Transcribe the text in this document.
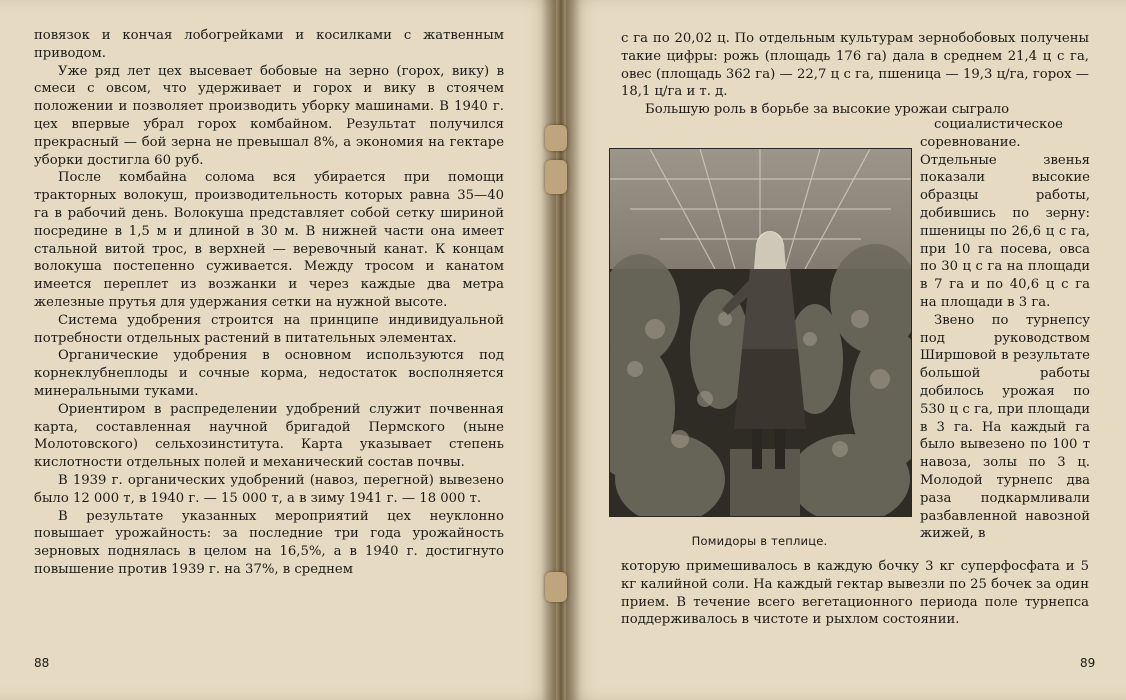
повязок и кончая лобогрейками и косилками с жатвенным приводом.

Уже ряд лет цех высевает бобовые на зерно (горох, вику) в смеси с овсом, что удерживает и горох и вику в стоячем положении и позволяет производить уборку машинами. В 1940 г. цех впервые убрал горох комбайном. Результат получился прекрасный — бой зерна не превышал 8%, а экономия на гектаре уборки достигла 60 руб.

После комбайна солома вся убирается при помощи тракторных волокуш, производительность которых равна 35—40 га в рабочий день. Волокуша представляет собой сетку шириной посредине в 1,5 м и длиной в 30 м. В нижней части она имеет стальной витой трос, в верхней — веревочный канат. К концам волокуша постепенно суживается. Между тросом и канатом имеется переплет из возжанки и через каждые два метра железные прутья для удержания сетки на нужной высоте.

Система удобрения строится на принципе индивидуальной потребности отдельных растений в питательных элементах.

Органические удобрения в основном используются под корнеклубнеплоды и сочные корма, недостаток восполняется минеральными туками.

Ориентиром в распределении удобрений служит почвенная карта, составленная научной бригадой Пермского (ныне Молотовского) сельхозинститута. Карта указывает степень кислотности отдельных полей и механический состав почвы.

В 1939 г. органических удобрений (навоз, перегной) вывезено было 12 000 т, в 1940 г. — 15 000 т, а в зиму 1941 г. — 18 000 т.

В результате указанных мероприятий цех неуклонно повышает урожайность: за последние три года урожайность зерновых поднялась в целом на 16,5%, а в 1940 г. достигнуто повышение против 1939 г. на 37%, в среднем

88

с га по 20,02 ц. По отдельным культурам зернобобовых получены такие цифры: рожь (площадь 176 га) дала в среднем 21,4 ц с га, овес (площадь 362 га) — 22,7 ц с га, пшеница — 19,3 ц/га, горох — 18,1 ц/га и т. д.

Большую роль в борьбе за высокие урожаи сыграло

Помидоры в теплице.

социалистическое соревнование. Отдельные звенья показали высокие образцы работы, добившись по зерну: пшеницы по 26,6 ц с га, при 10 га посева, овса по 30 ц с га на площади в 7 га и по 40,6 ц с га на площади в 3 га.

Звено по турнепсу под руководством Ширшовой в результате большой работы добилось урожая по 530 ц с га, при площади в 3 га. На каждый га было вывезено по 100 т навоза, золы по 3 ц. Молодой турнепс два раза подкармливали разбавленной навозной жижей, в

которую примешивалось в каждую бочку 3 кг суперфосфата и 5 кг калийной соли. На каждый гектар вывезли по 25 бочек за один прием. В течение всего вегетационного периода поле турнепса поддерживалось в чистоте и рыхлом состоянии.

89
